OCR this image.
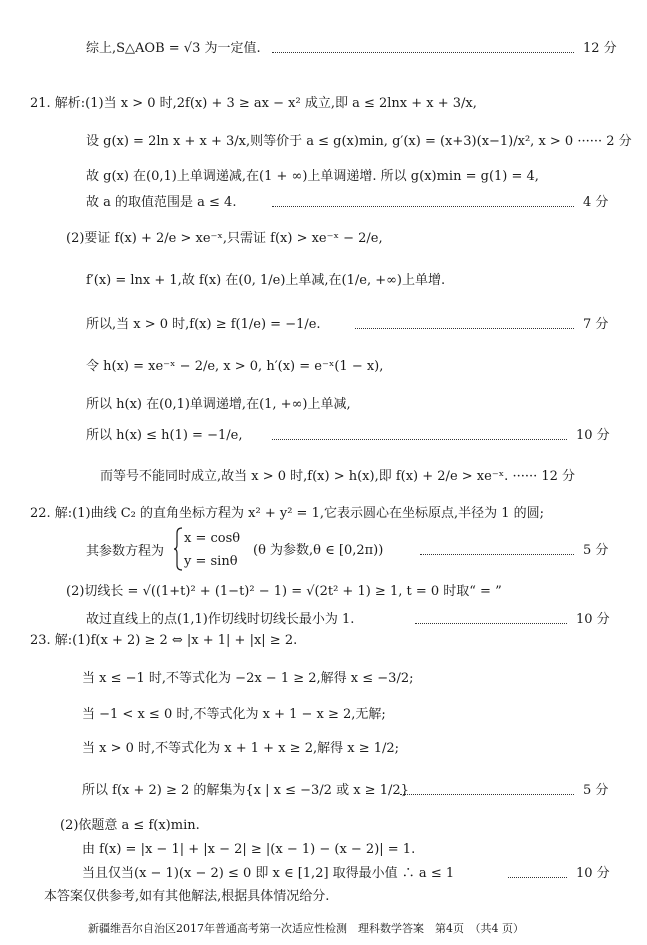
综上,S△AOB = √3 为一定值.	12 分
21. 解析:(1)当 x > 0 时,2f(x) + 3 ≥ ax − x² 成立,即 a ≤ 2lnx + x + 3/x,
设 g(x) = 2ln x + x + 3/x,则等价于 a ≤ g(x)min, g′(x) = (x+3)(x−1)/x², x > 0 ······ 2 分
故 g(x) 在(0,1)上单调递减,在(1 + ∞)上单调递增. 所以 g(x)min = g(1) = 4,
故 a 的取值范围是 a ≤ 4.	4 分
(2)要证 f(x) + 2/e > xe⁻ˣ,只需证 f(x) > xe⁻ˣ − 2/e,
f′(x) = lnx + 1,故 f(x) 在(0, 1/e)上单减,在(1/e, +∞)上单增.
所以,当 x > 0 时,f(x) ≥ f(1/e) = −1/e.	7 分
令 h(x) = xe⁻ˣ − 2/e, x > 0, h′(x) = e⁻ˣ(1 − x),
所以 h(x) 在(0,1)单调递增,在(1, +∞)上单减,
所以 h(x) ≤ h(1) = −1/e,	10 分
而等号不能同时成立,故当 x > 0 时,f(x) > h(x),即 f(x) + 2/e > xe⁻ˣ. ······ 12 分
22. 解:(1)曲线 C₂ 的直角坐标方程为 x² + y² = 1,它表示圆心在坐标原点,半径为 1 的圆;
其参数方程为
x = cosθ
y = sinθ
(θ 为参数,θ ∈ [0,2π))	5 分
(2)切线长 = √((1+t)² + (1−t)² − 1) = √(2t² + 1) ≥ 1, t = 0 时取“ = ”
故过直线上的点(1,1)作切线时切线长最小为 1.	10 分
23. 解:(1)f(x + 2) ≥ 2 ⇔ |x + 1| + |x| ≥ 2.
当 x ≤ −1 时,不等式化为 −2x − 1 ≥ 2,解得 x ≤ −3/2;
当 −1 < x ≤ 0 时,不等式化为 x + 1 − x ≥ 2,无解;
当 x > 0 时,不等式化为 x + 1 + x ≥ 2,解得 x ≥ 1/2;
所以 f(x + 2) ≥ 2 的解集为{x | x ≤ −3/2 或 x ≥ 1/2}	5 分
(2)依题意 a ≤ f(x)min.
由 f(x) = |x − 1| + |x − 2| ≥ |(x − 1) − (x − 2)| = 1.
当且仅当(x − 1)(x − 2) ≤ 0 即 x ∈ [1,2] 取得最小值 ∴ a ≤ 1	10 分
本答案仅供参考,如有其他解法,根据具体情况给分.
新疆维吾尔自治区2017年普通高考第一次适应性检测　理科数学答案　第4页　（共4 页）
